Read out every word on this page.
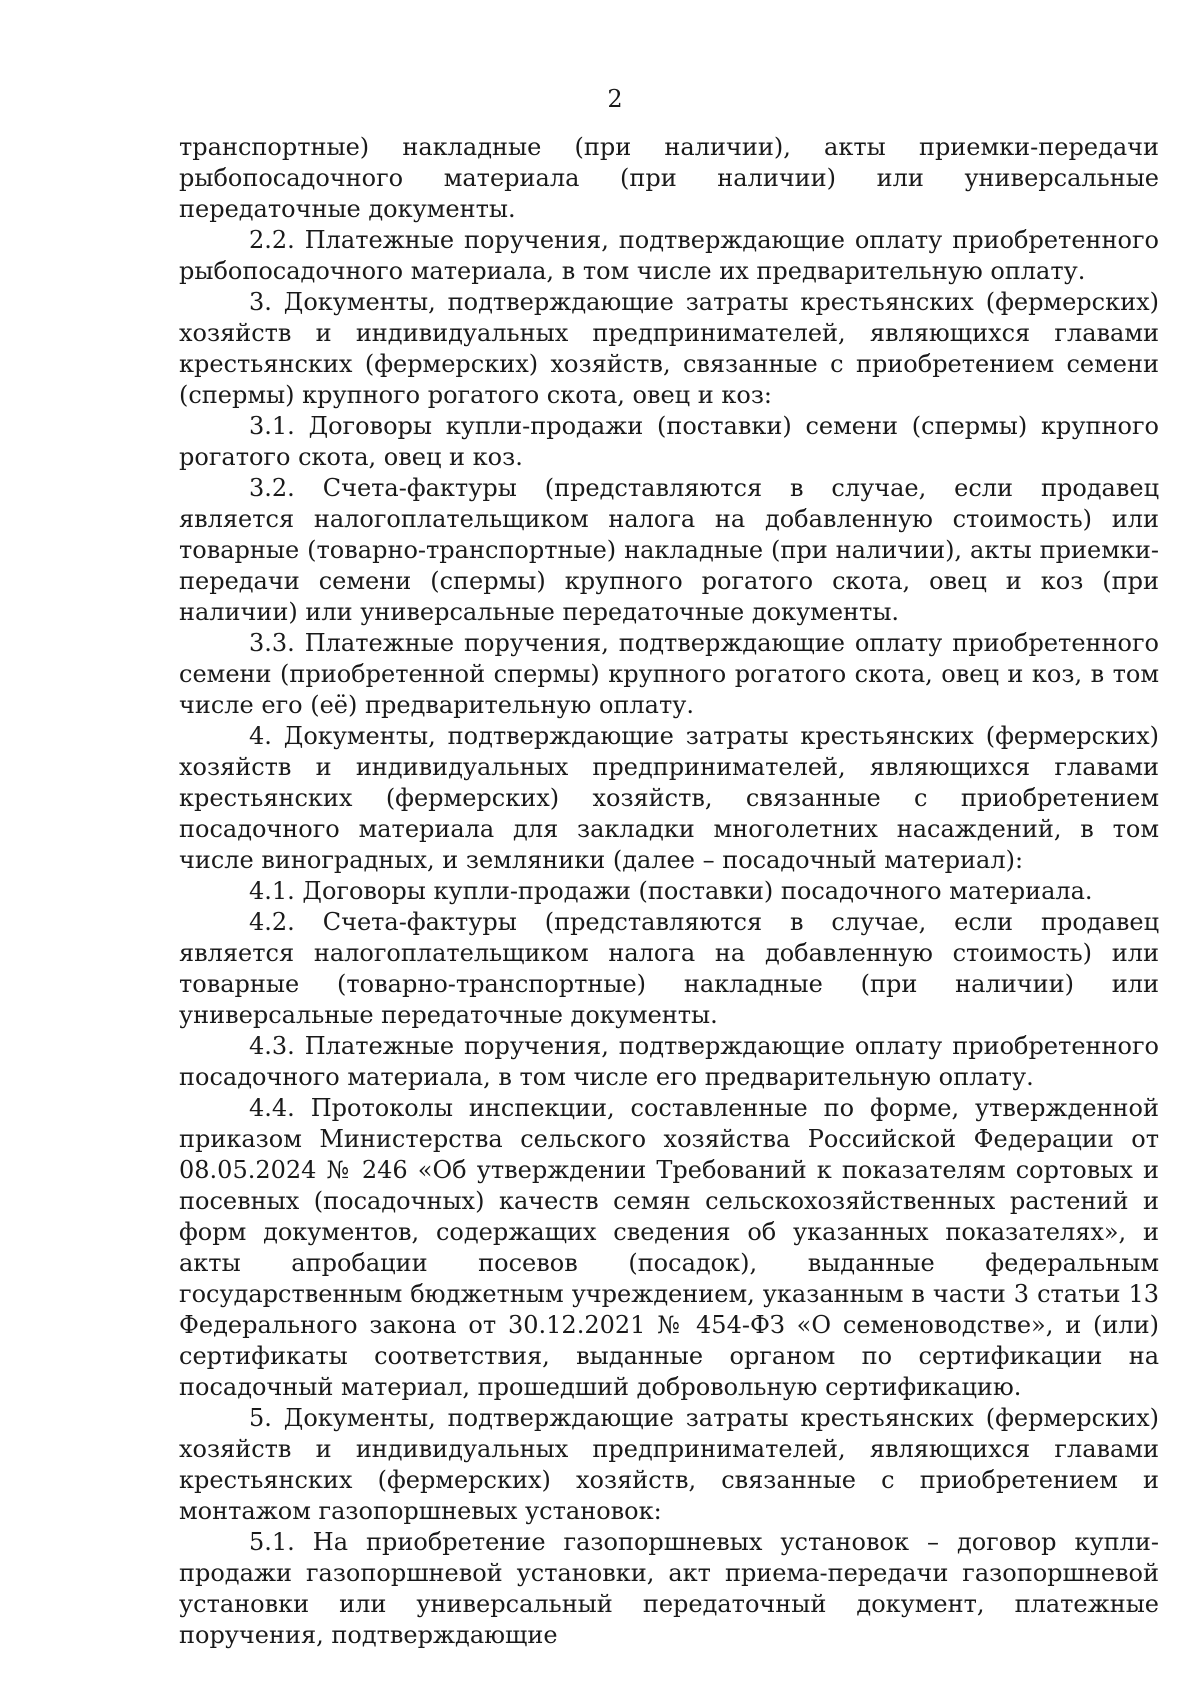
2

транспортные) накладные (при наличии), акты приемки-передачи рыбопосадочного материала (при наличии) или универсальные передаточные документы.

2.2. Платежные поручения, подтверждающие оплату приобретенного рыбопосадочного материала, в том числе их предварительную оплату.

3. Документы, подтверждающие затраты крестьянских (фермерских) хозяйств и индивидуальных предпринимателей, являющихся главами крестьянских (фермерских) хозяйств, связанные с приобретением семени (спермы) крупного рогатого скота, овец и коз:

3.1. Договоры купли-продажи (поставки) семени (спермы) крупного рогатого скота, овец и коз.

3.2. Счета-фактуры (представляются в случае, если продавец является налогоплательщиком налога на добавленную стоимость) или товарные (товарно-транспортные) накладные (при наличии), акты приемки-передачи семени (спермы) крупного рогатого скота, овец и коз (при наличии) или универсальные передаточные документы.

3.3. Платежные поручения, подтверждающие оплату приобретенного семени (приобретенной спермы) крупного рогатого скота, овец и коз, в том числе его (её) предварительную оплату.

4. Документы, подтверждающие затраты крестьянских (фермерских) хозяйств и индивидуальных предпринимателей, являющихся главами крестьянских (фермерских) хозяйств, связанные с приобретением посадочного материала для закладки многолетних насаждений, в том числе виноградных, и земляники (далее – посадочный материал):

4.1. Договоры купли-продажи (поставки) посадочного материала.

4.2. Счета-фактуры (представляются в случае, если продавец является налогоплательщиком налога на добавленную стоимость) или товарные (товарно-транспортные) накладные (при наличии) или универсальные передаточные документы.

4.3. Платежные поручения, подтверждающие оплату приобретенного посадочного материала, в том числе его предварительную оплату.

4.4. Протоколы инспекции, составленные по форме, утвержденной приказом Министерства сельского хозяйства Российской Федерации от 08.05.2024 № 246 «Об утверждении Требований к показателям сортовых и посевных (посадочных) качеств семян сельскохозяйственных растений и форм документов, содержащих сведения об указанных показателях», и акты апробации посевов (посадок), выданные федеральным государственным бюджетным учреждением, указанным в части 3 статьи 13 Федерального закона от 30.12.2021 № 454-ФЗ «О семеноводстве», и (или) сертификаты соответствия, выданные органом по сертификации на посадочный материал, прошедший добровольную сертификацию.

5. Документы, подтверждающие затраты крестьянских (фермерских) хозяйств и индивидуальных предпринимателей, являющихся главами крестьянских (фермерских) хозяйств, связанные с приобретением и монтажом газопоршневых установок:

5.1. На приобретение газопоршневых установок – договор купли-продажи газопоршневой установки, акт приема-передачи газопоршневой установки или универсальный передаточный документ, платежные поручения, подтверждающие
